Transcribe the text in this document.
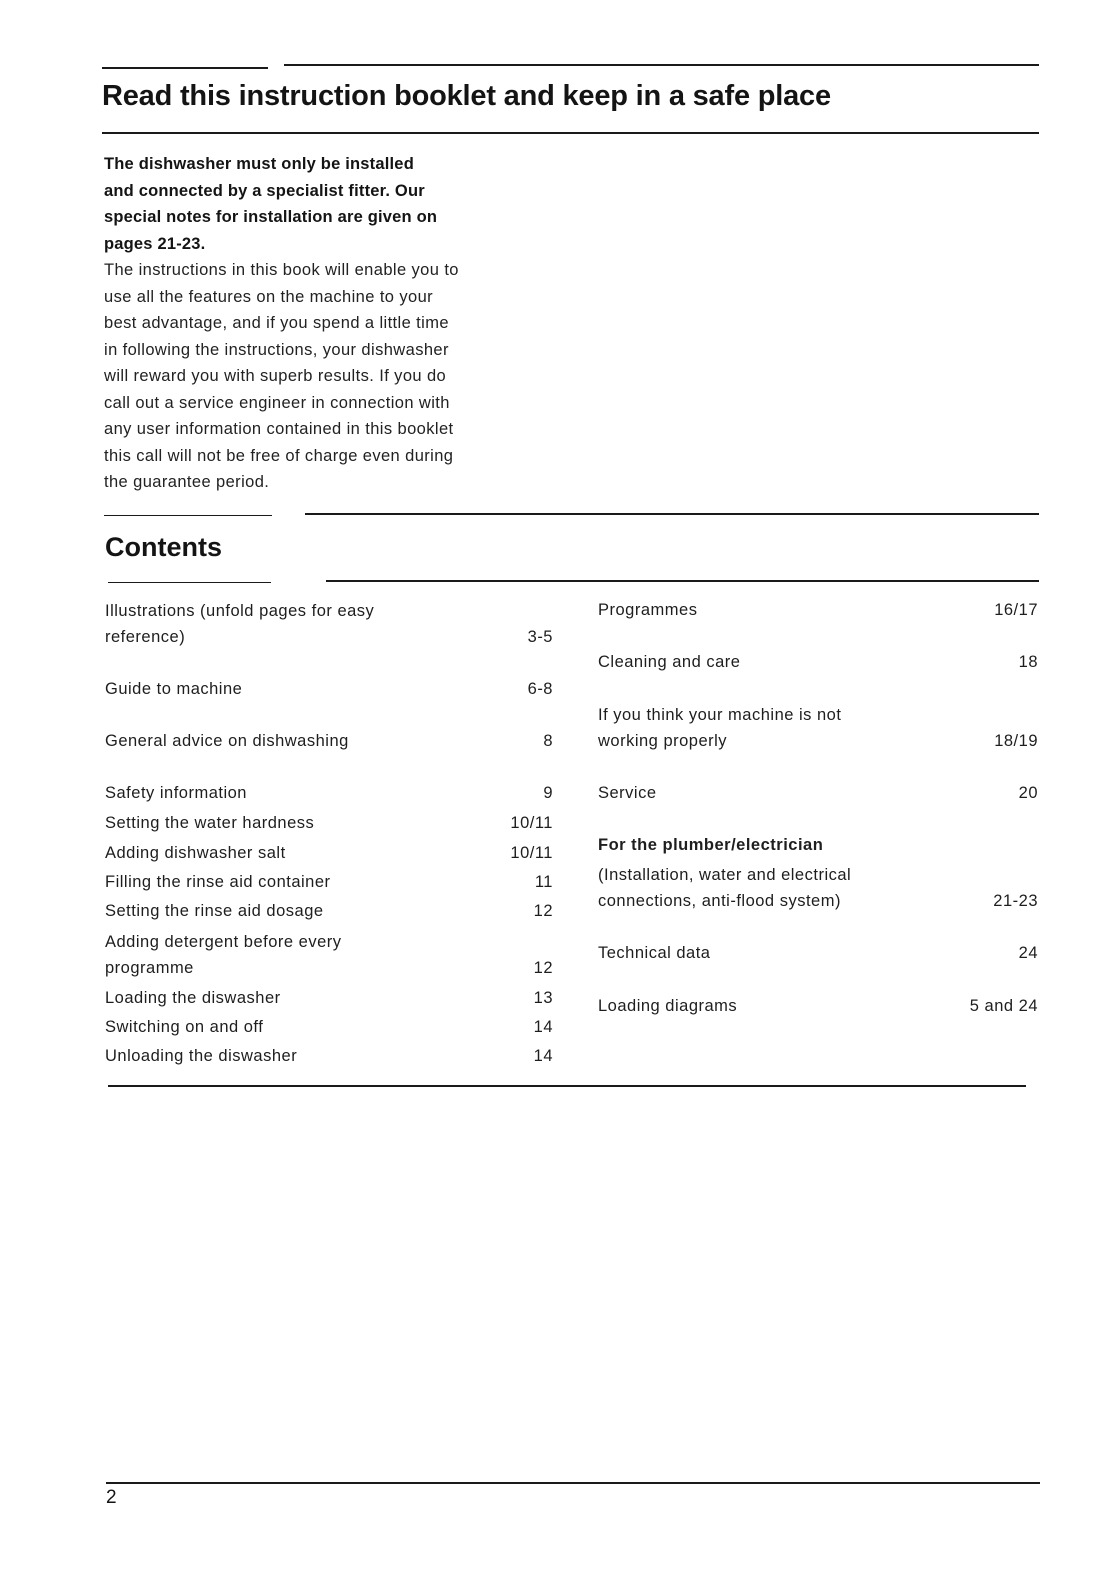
Read this instruction booklet and keep in a safe place
The dishwasher must only be installed
and connected by a specialist fitter. Our
special notes for installation are given on
pages 21-23.
The instructions in this book will enable you to
use all the features on the machine to your
best advantage, and if you spend a little time
in following the instructions, your dishwasher
will reward you with superb results. If you do
call out a service engineer in connection with
any user information contained in this booklet
this call will not be free of charge even during
the guarantee period.
Contents
Illustrations (unfold pages for easy
reference)	3-5
Guide to machine	6-8
General advice on dishwashing	8
Safety information	9
Setting the water hardness	10/11
Adding dishwasher salt	10/11
Filling the rinse aid container	11
Setting the rinse aid dosage	12
Adding detergent before every
programme	12
Loading the diswasher	13
Switching on and off	14
Unloading the diswasher	14
Programmes	16/17
Cleaning and care	18
If you think your machine is not
working properly	18/19
Service	20
For the plumber/electrician
(Installation, water and electrical
connections, anti-flood system)	21-23
Technical data	24
Loading diagrams	5 and 24
2
